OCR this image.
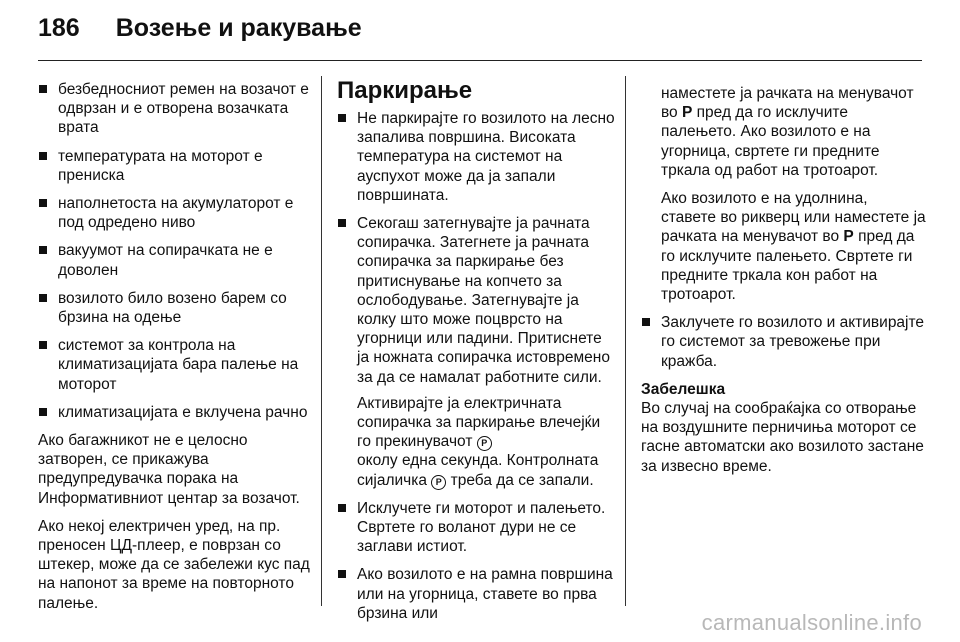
186 Возење и ракување
безбедносниот ремен на возачот е одврзан и е отворена возачката врата
температурата на моторот е прениска
наполнетоста на акумулаторот е под одредено ниво
вакуумот на сопирачката не е доволен
возилото било возено барем со брзина на одење
системот за контрола на климатизацијата бара палење на моторот
климатизацијата е вклучена рачно

Ако багажникот не е целосно затворен, се прикажува предупредувачка порака на Информативниот центар за возачот.

Ако некој електричен уред, на пр. преносен ЦД-плеер, е поврзан со штекер, може да се забележи кус пад на напонот за време на повторното палење.

Паркирање
Не паркирајте го возилото на лесно запалива површина. Високата температура на системот на ауспухот може да ја запали површината.
Секогаш затегнувајте ја рачната сопирачка. Затегнете ја рачната сопирачка за паркирање без притиснување на копчето за ослободување. Затегнувајте ја колку што може поцврсто на угорници или падини. Притиснете ја ножната сопирачка истовремено за да се намалат работните сили.
Активирајте ја електричната сопирачка за паркирање влечејќи го прекинувачот P
околу една секунда. Контролната сијаличка P треба да се запали.
Исклучете ги моторот и палењето. Свртете го воланот дури не се заглави истиот.
Ако возилото е на рамна површина или на угорница, ставете во прва брзина или

наместете ја рачката на менувачот во P пред да го исклучите палењето. Ако возилото е на угорница, свртете ги предните тркала од работ на тротоарот.

Ако возилото е на удолнина, ставете во рикверц или наместете ја рачката на менувачот во P пред да го исклучите палењето. Свртете ги предните тркала кон работ на тротоарот.

Заклучете го возилото и активирајте го системот за тревожење при кражба.
Забелешка

Во случај на сообраќајка со отворање на воздушните перничиња моторот се гасне автоматски ако возилото застане за извесно време.

carmanualsonline.info
